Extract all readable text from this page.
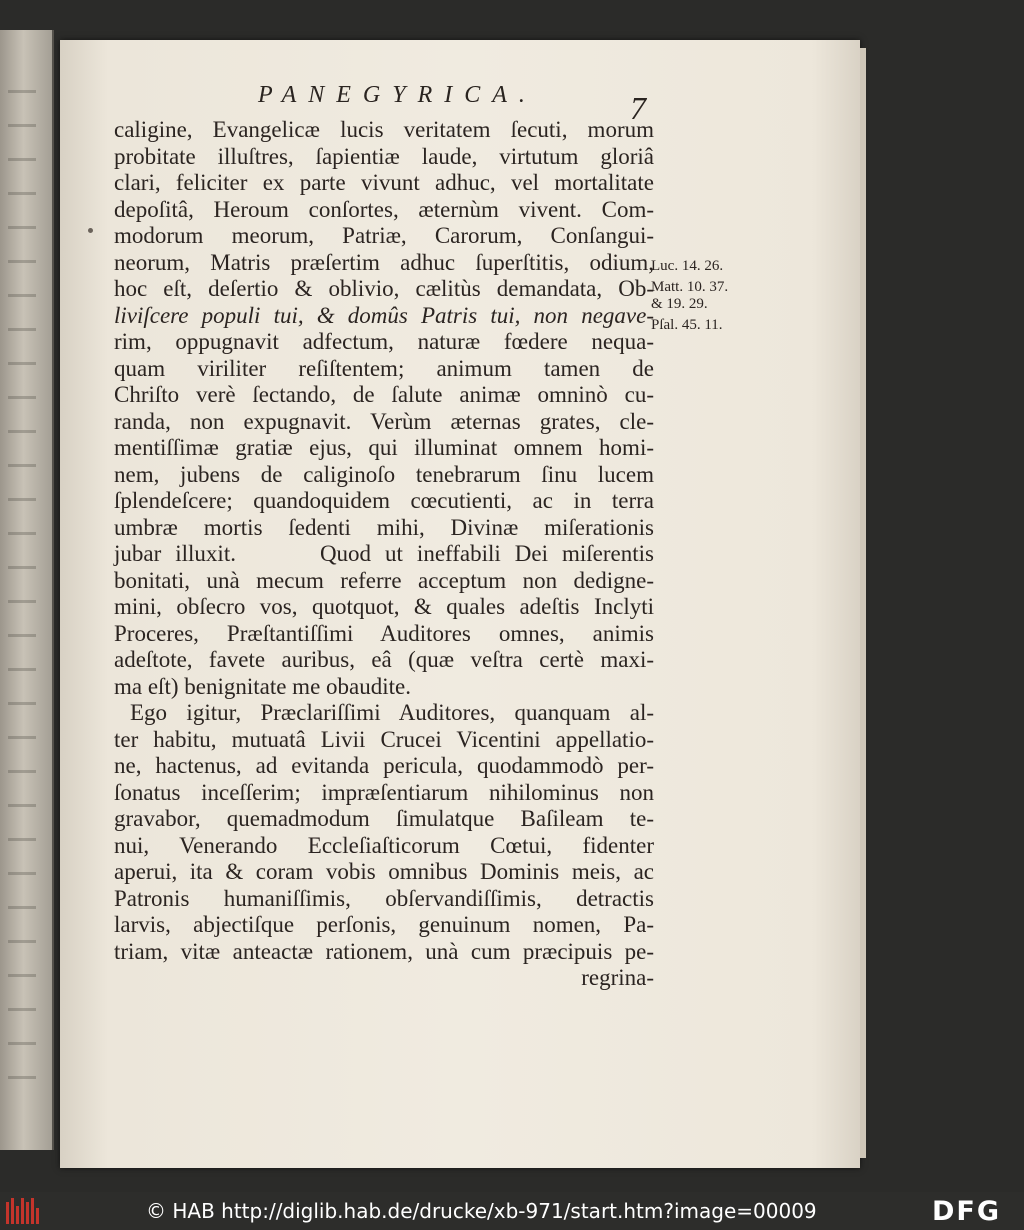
PANEGYRICA.	7
caligine, Evangelicæ lucis veritatem ſecuti, morum
probitate illuſtres, ſapientiæ laude, virtutum gloriâ
clari, feliciter ex parte vivunt adhuc, vel mortalitate
depoſitâ, Heroum conſortes, æternùm vivent. Com-
modorum meorum, Patriæ, Carorum, Conſangui-
neorum, Matris præſertim adhuc ſuperſtitis, odium,
hoc eſt, deſertio & oblivio, cælitùs demandata, Ob-
liviſcere populi tui, & domûs Patris tui, non negave-
rim, oppugnavit adfectum, naturæ fœdere nequa-
quam viriliter reſiſtentem; animum tamen de
Chriſto verè ſectando, de ſalute animæ omninò cu-
randa, non expugnavit. Verùm æternas grates, cle-
mentiſſimæ gratiæ ejus, qui illuminat omnem homi-
nem, jubens de caliginoſo tenebrarum ſinu lucem
ſplendeſcere; quandoquidem cœcutienti, ac in terra
umbræ mortis ſedenti mihi, Divinæ miſerationis
jubar illuxit.      Quod ut ineffabili Dei miſerentis
bonitati, unà mecum referre acceptum non dedigne-
mini, obſecro vos, quotquot, & quales adeſtis Inclyti
Proceres, Præſtantiſſimi Auditores omnes, animis
adeſtote, favete auribus, eâ (quæ veſtra certè maxi-
ma eſt) benignitate me obaudite.
Ego igitur, Præclariſſimi Auditores, quanquam al-
ter habitu, mutuatâ Livii Crucei Vicentini appellatio-
ne, hactenus, ad evitanda pericula, quodammodò per-
ſonatus inceſſerim; impræſentiarum nihilominus non
gravabor, quemadmodum ſimulatque Baſileam te-
nui, Venerando Eccleſiaſticorum Cœtui, fidenter
aperui, ita & coram vobis omnibus Dominis meis, ac
Patronis humaniſſimis, obſervandiſſimis, detractis
larvis, abjectiſque perſonis, genuinum nomen, Pa-
triam, vitæ anteactæ rationem, unà cum præcipuis pe-
regrina-
Luc. 14. 26.
Matt. 10. 37.
& 19. 29.
Pſal. 45. 11.
© HAB http://diglib.hab.de/drucke/xb-971/start.htm?image=00009	DFG
